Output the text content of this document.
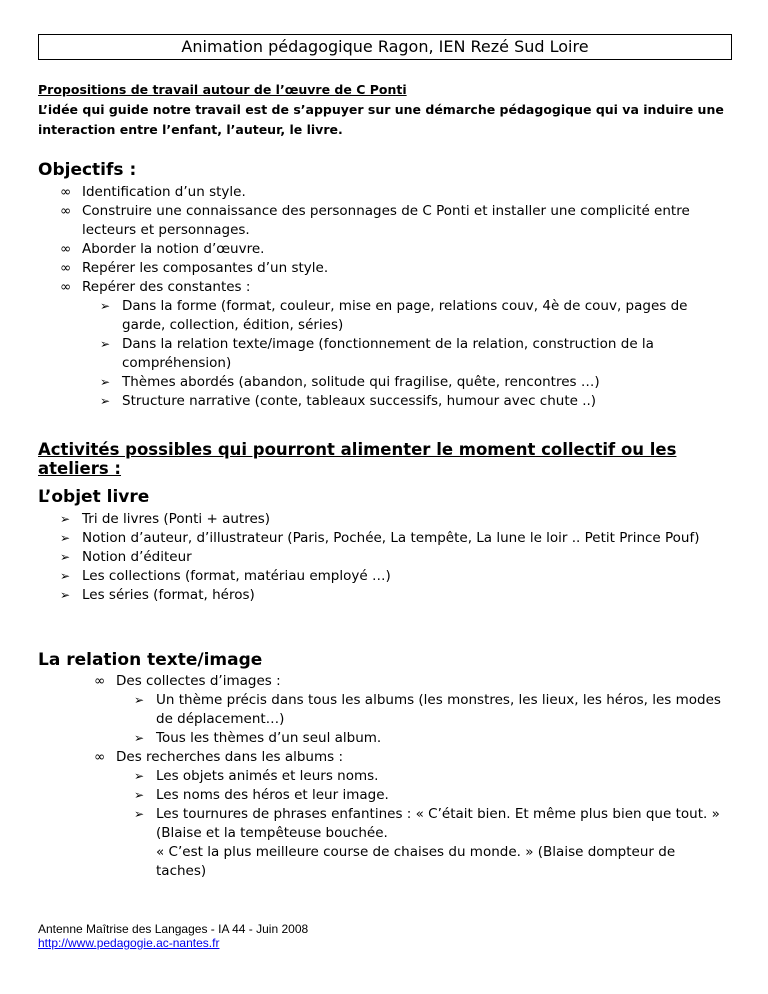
Animation pédagogique Ragon, IEN Rezé Sud Loire
Propositions de travail autour de l’œuvre de C Ponti
L’idée qui guide notre travail est de s’appuyer sur une démarche pédagogique qui va induire une interaction entre l’enfant, l’auteur, le livre.
Objectifs :
∞ Identification d’un style.
∞ Construire une connaissance des personnages de C Ponti et installer une complicité entre lecteurs et personnages.
∞ Aborder la notion d’œuvre.
∞ Repérer les composantes d’un style.
∞ Repérer des constantes :
➢ Dans la forme (format, couleur, mise en page, relations couv, 4è de couv, pages de garde, collection, édition, séries)
➢ Dans la relation texte/image (fonctionnement de la relation, construction de la compréhension)
➢ Thèmes abordés (abandon, solitude qui fragilise, quête, rencontres …)
➢ Structure narrative (conte, tableaux successifs, humour avec chute ..)
Activités possibles qui pourront alimenter le moment collectif ou les ateliers :
L’objet livre
➢ Tri de livres (Ponti + autres)
➢ Notion d’auteur, d’illustrateur (Paris, Pochée, La tempête, La lune le loir .. Petit Prince Pouf)
➢ Notion d’éditeur
➢ Les collections (format, matériau employé …)
➢ Les séries (format, héros)
La relation texte/image
∞ Des collectes d’images :
➢ Un thème précis dans tous les albums (les monstres, les lieux, les héros, les modes de déplacement…)
➢ Tous les thèmes d’un seul album.
∞ Des recherches dans les albums :
➢ Les objets animés et leurs noms.
➢ Les noms des héros et leur image.
➢ Les tournures de phrases enfantines : « C’était bien. Et même plus bien que tout. » (Blaise et la tempêteuse bouchée.
« C’est la plus meilleure course de chaises du monde. » (Blaise dompteur de taches)
Antenne Maîtrise des Langages - IA 44 - Juin 2008
http://www.pedagogie.ac-nantes.fr
